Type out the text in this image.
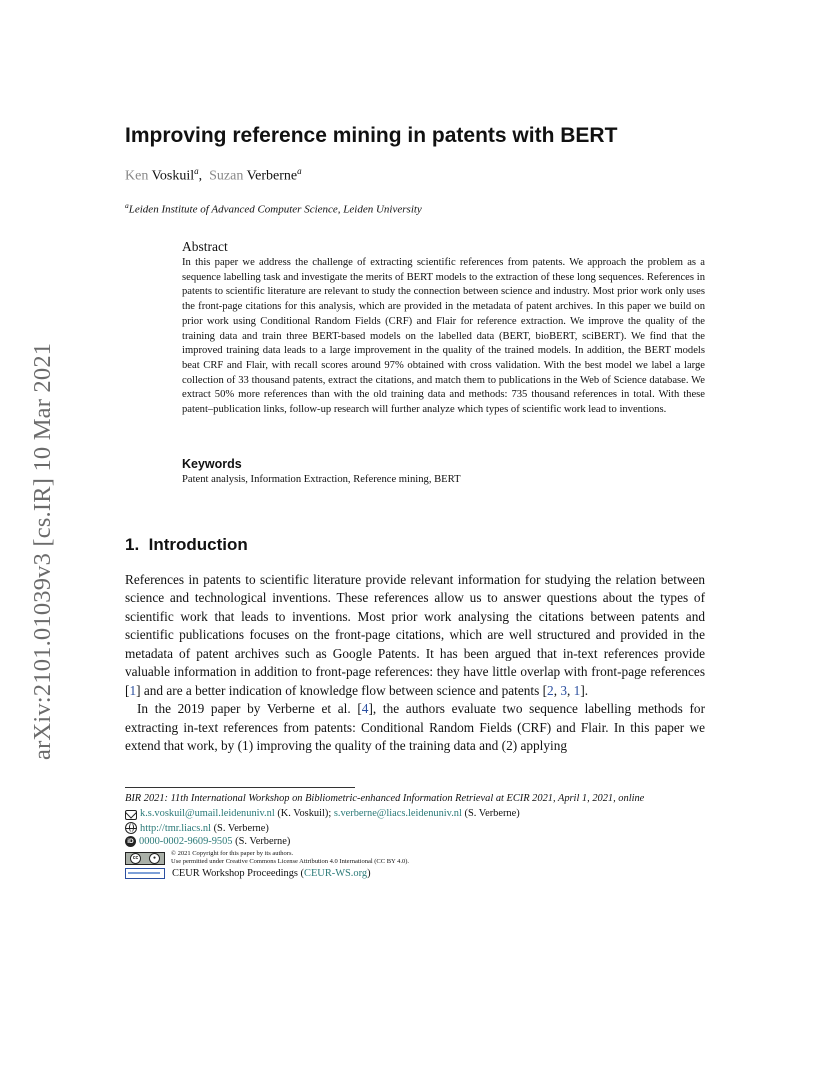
arXiv:2101.01039v3 [cs.IR] 10 Mar 2021
Improving reference mining in patents with BERT
Ken Voskuil$^a$, Suzan Verberne$^a$
$^a$Leiden Institute of Advanced Computer Science, Leiden University
Abstract
In this paper we address the challenge of extracting scientific references from patents. We approach the problem as a sequence labelling task and investigate the merits of BERT models to the extraction of these long sequences. References in patents to scientific literature are relevant to study the connection between science and industry. Most prior work only uses the front-page citations for this analysis, which are provided in the metadata of patent archives. In this paper we build on prior work using Conditional Random Fields (CRF) and Flair for reference extraction. We improve the quality of the training data and train three BERT-based models on the labelled data (BERT, bioBERT, sciBERT). We find that the improved training data leads to a large improvement in the quality of the trained models. In addition, the BERT models beat CRF and Flair, with recall scores around 97% obtained with cross validation. With the best model we label a large collection of 33 thousand patents, extract the citations, and match them to publications in the Web of Science database. We extract 50% more references than with the old training data and methods: 735 thousand references in total. With these patent–publication links, follow-up research will further analyze which types of scientific work lead to inventions.
Keywords
Patent analysis, Information Extraction, Reference mining, BERT
1. Introduction

References in patents to scientific literature provide relevant information for studying the relation between science and technological inventions. These references allow us to answer questions about the types of scientific work that leads to inventions. Most prior work analysing the citations between patents and scientific publications focuses on the front-page citations, which are well structured and provided in the metadata of patent archives such as Google Patents. It has been argued that in-text references provide valuable information in addition to front-page references: they have little overlap with front-page references [1] and are a better indication of knowledge flow between science and patents [2, 3, 1].

In the 2019 paper by Verberne et al. [4], the authors evaluate two sequence labelling methods for extracting in-text references from patents: Conditional Random Fields (CRF) and Flair. In this paper we extend that work, by (1) improving the quality of the training data and (2) applying

BIR 2021: 11th International Workshop on Bibliometric-enhanced Information Retrieval at ECIR 2021, April 1, 2021, online
k.s.voskuil@umail.leidenuniv.nl (K. Voskuil); s.verberne@liacs.leidenuniv.nl (S. Verberne)
http://tmr.liacs.nl (S. Verberne)
iD 0000-0002-9609-9505 (S. Verberne)
cc	●
© 2021 Copyright for this paper by its authors.
Use permitted under Creative Commons License Attribution 4.0 International (CC BY 4.0).
CEUR Workshop Proceedings ( CEUR-WS.org )
